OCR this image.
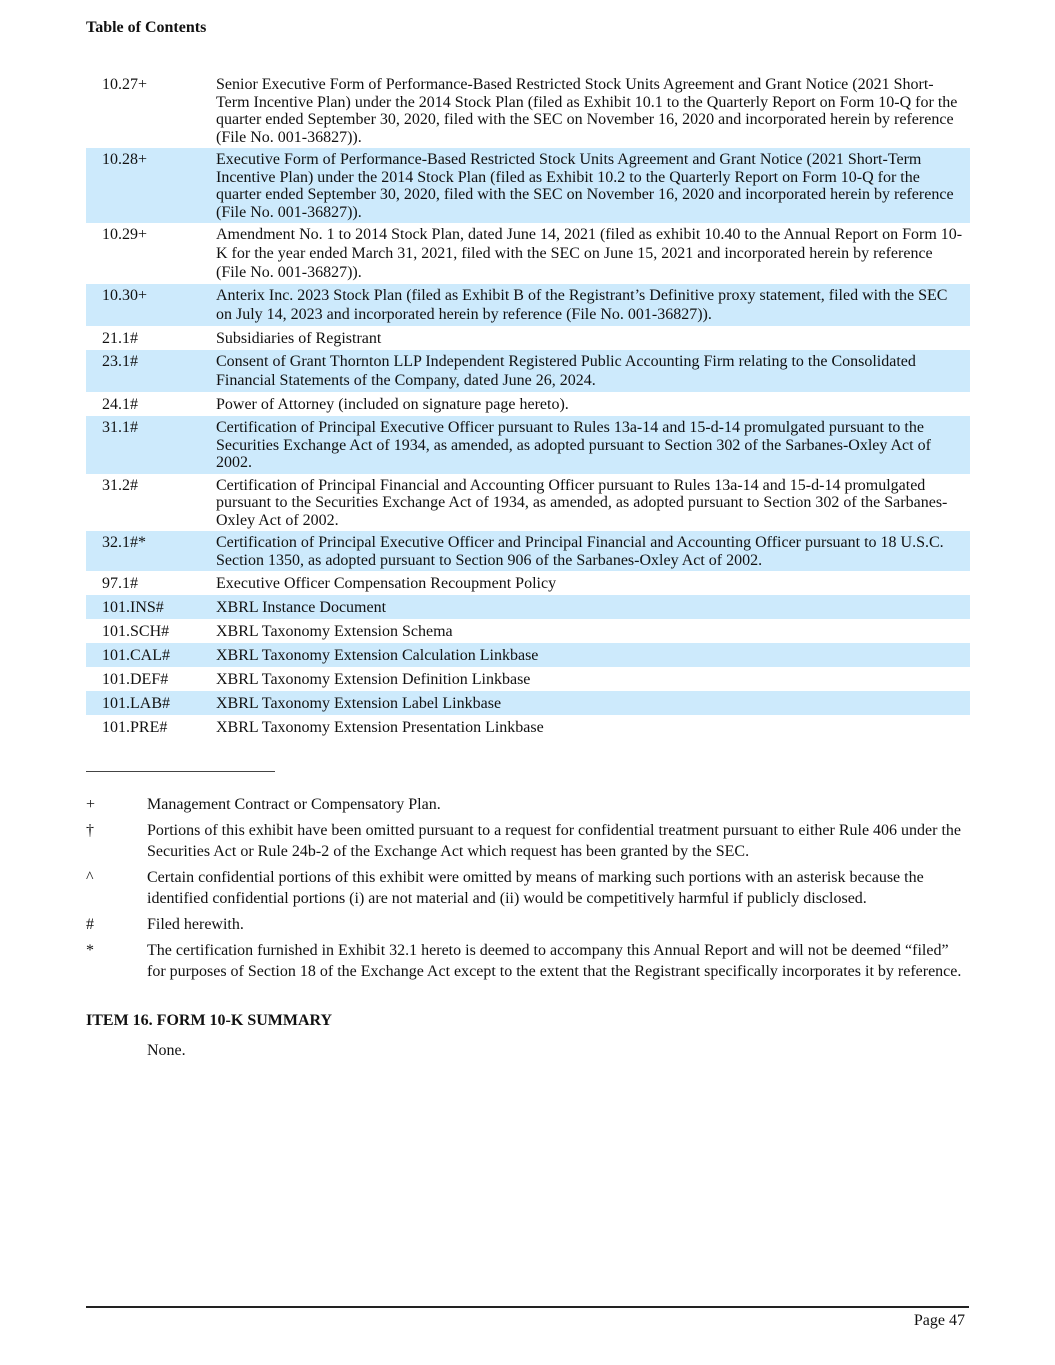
Table of Contents
10.27+	Senior Executive Form of Performance-Based Restricted Stock Units Agreement and Grant Notice (2021 Short-Term Incentive Plan) under the 2014 Stock Plan (filed as Exhibit 10.1 to the Quarterly Report on Form 10-Q for the quarter ended September 30, 2020, filed with the SEC on November 16, 2020 and incorporated herein by reference (File No. 001-36827)).
10.28+	Executive Form of Performance-Based Restricted Stock Units Agreement and Grant Notice (2021 Short-Term Incentive Plan) under the 2014 Stock Plan (filed as Exhibit 10.2 to the Quarterly Report on Form 10-Q for the quarter ended September 30, 2020, filed with the SEC on November 16, 2020 and incorporated herein by reference (File No. 001-36827)).
10.29+	Amendment No. 1 to 2014 Stock Plan, dated June 14, 2021 (filed as exhibit 10.40 to the Annual Report on Form 10-K for the year ended March 31, 2021, filed with the SEC on June 15, 2021 and incorporated herein by reference (File No. 001-36827)).
10.30+	Anterix Inc. 2023 Stock Plan (filed as Exhibit B of the Registrant’s Definitive proxy statement, filed with the SEC on July 14, 2023 and incorporated herein by reference (File No. 001-36827)).
21.1#	Subsidiaries of Registrant
23.1#	Consent of Grant Thornton LLP Independent Registered Public Accounting Firm relating to the Consolidated Financial Statements of the Company, dated June 26, 2024.
24.1#	Power of Attorney (included on signature page hereto).
31.1#	Certification of Principal Executive Officer pursuant to Rules 13a-14 and 15-d-14 promulgated pursuant to the Securities Exchange Act of 1934, as amended, as adopted pursuant to Section 302 of the Sarbanes-Oxley Act of 2002.
31.2#	Certification of Principal Financial and Accounting Officer pursuant to Rules 13a-14 and 15-d-14 promulgated pursuant to the Securities Exchange Act of 1934, as amended, as adopted pursuant to Section 302 of the Sarbanes-Oxley Act of 2002.
32.1#*	Certification of Principal Executive Officer and Principal Financial and Accounting Officer pursuant to 18 U.S.C. Section 1350, as adopted pursuant to Section 906 of the Sarbanes-Oxley Act of 2002.
97.1#	Executive Officer Compensation Recoupment Policy
101.INS#	XBRL Instance Document
101.SCH#	XBRL Taxonomy Extension Schema
101.CAL#	XBRL Taxonomy Extension Calculation Linkbase
101.DEF#	XBRL Taxonomy Extension Definition Linkbase
101.LAB#	XBRL Taxonomy Extension Label Linkbase
101.PRE#	XBRL Taxonomy Extension Presentation Linkbase
+	Management Contract or Compensatory Plan.
†	Portions of this exhibit have been omitted pursuant to a request for confidential treatment pursuant to either Rule 406 under the Securities Act or Rule 24b-2 of the Exchange Act which request has been granted by the SEC.
^	Certain confidential portions of this exhibit were omitted by means of marking such portions with an asterisk because the identified confidential portions (i) are not material and (ii) would be competitively harmful if publicly disclosed.
#	Filed herewith.
*	The certification furnished in Exhibit 32.1 hereto is deemed to accompany this Annual Report and will not be deemed “filed” for purposes of Section 18 of the Exchange Act except to the extent that the Registrant specifically incorporates it by reference.
ITEM 16. FORM 10-K SUMMARY
None.
Page 47
